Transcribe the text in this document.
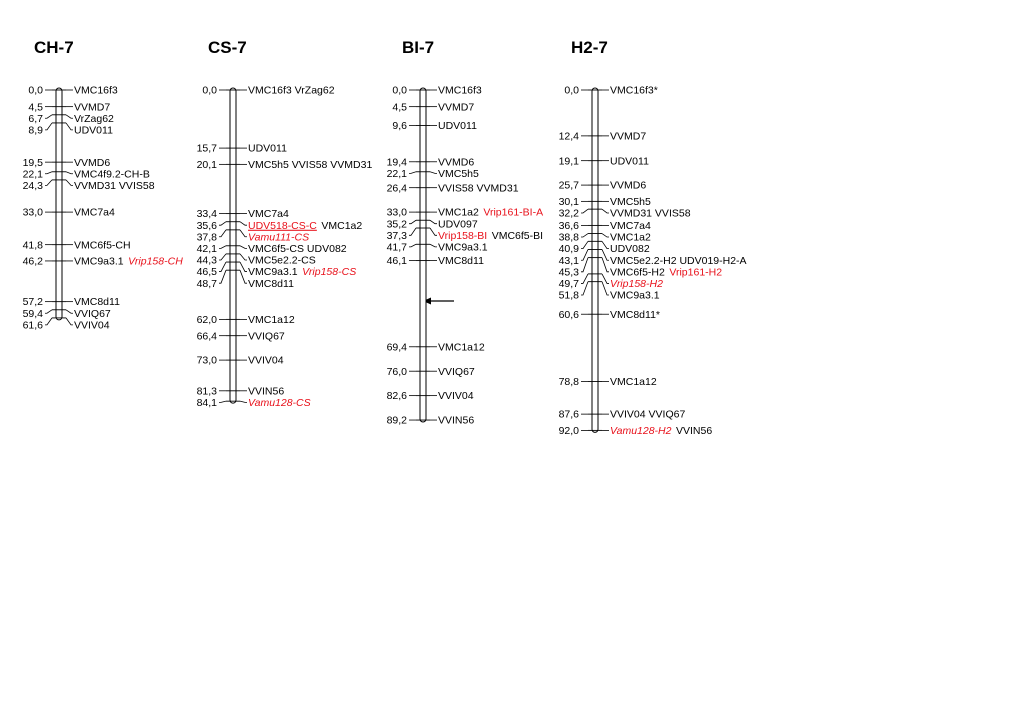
CH-7
0,0	VMC16f3
4,5	VVMD7
6,7	VrZag62
8,9	UDV011
19,5	VVMD6
22,1	VMC4f9.2-CH-B
24,3	VVMD31 VVIS58
33,0	VMC7a4
41,8	VMC6f5-CH
46,2	VMC9a3.1 Vrip158-CH
57,2	VMC8d11
59,4	VVIQ67
61,6	VVIV04
CS-7
0,0	VMC16f3 VrZag62
15,7	UDV011
20,1	VMC5h5 VVIS58 VVMD31
33,4	VMC7a4
35,6	UDV518-CS-C VMC1a2
37,8	Vamu111-CS
42,1	VMC6f5-CS UDV082
44,3	VMC5e2.2-CS
46,5	VMC9a3.1 Vrip158-CS
48,7	VMC8d11
62,0	VMC1a12
66,4	VVIQ67
73,0	VVIV04
81,3	VVIN56
84,1	Vamu128-CS
BI-7
0,0	VMC16f3
4,5	VVMD7
9,6	UDV011
19,4	VVMD6
22,1	VMC5h5
26,4	VVIS58 VVMD31
33,0	VMC1a2 Vrip161-BI-A
35,2	UDV097
37,3	Vrip158-BI VMC6f5-BI
41,7	VMC9a3.1
46,1	VMC8d11
69,4	VMC1a12
76,0	VVIQ67
82,6	VVIV04
89,2	VVIN56
H2-7
0,0	VMC16f3*
12,4	VVMD7
19,1	UDV011
25,7	VVMD6
30,1	VMC5h5
32,2	VVMD31 VVIS58
36,6	VMC7a4
38,8	VMC1a2
40,9	UDV082
43,1	VMC5e2.2-H2 UDV019-H2-A
45,3	VMC6f5-H2 Vrip161-H2
49,7	Vrip158-H2
51,8	VMC9a3.1
60,6	VMC8d11*
78,8	VMC1a12
87,6	VVIV04 VVIQ67
92,0	Vamu128-H2 VVIN56
